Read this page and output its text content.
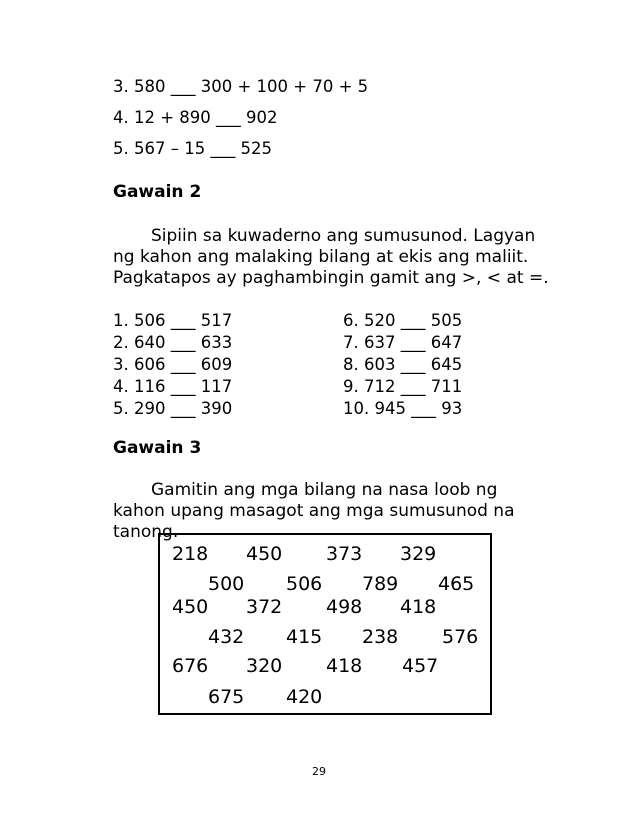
3. 580 ___ 300 + 100 + 70 + 5
4. 12 + 890 ___ 902
5. 567 – 15 ___ 525
Gawain 2
Sipiin sa kuwaderno ang sumusunod. Lagyan ng kahon ang malaking bilang at ekis ang maliit. Pagkatapos ay paghambingin gamit ang >, < at =.
1. 506 ___ 517
2. 640 ___ 633
3. 606 ___ 609
4. 116 ___ 117
5. 290 ___ 390
6. 520 ___ 505
7. 637 ___ 647
8. 603 ___ 645
9. 712 ___ 711
10. 945 ___ 93
Gawain 3
Gamitin ang mga bilang na nasa loob ng kahon upang masagot ang mga sumusunod na tanong.
218 450 373 329
500 506 789 465
450 372 498 418
432 415 238 576
676 320 418 457
675 420
29
